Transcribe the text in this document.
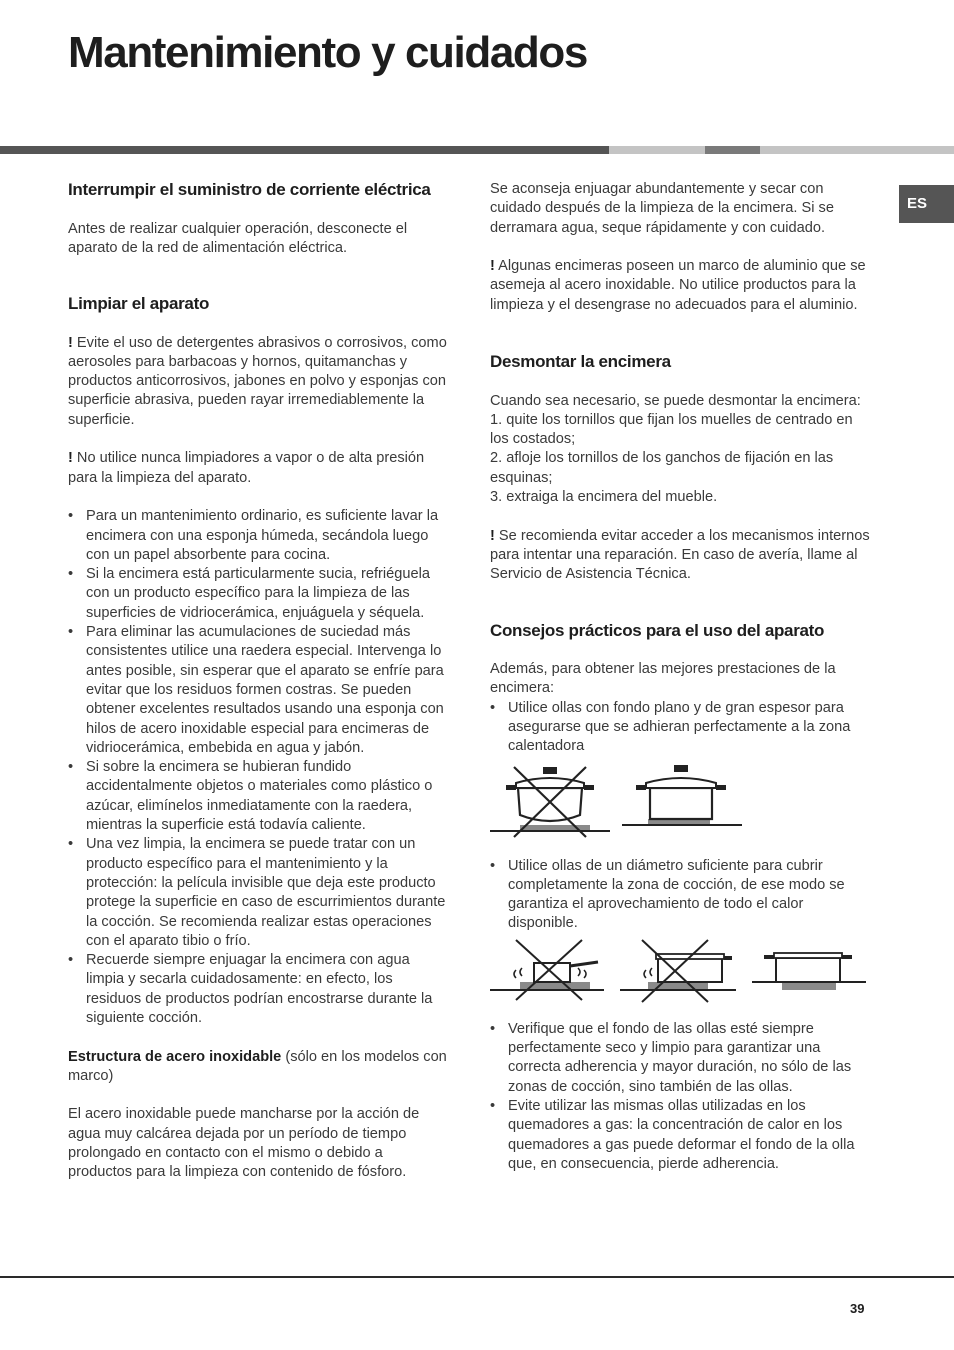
Mantenimiento y cuidados
ES
Interrumpir el suministro de corriente eléctrica

Antes de realizar cualquier operación, desconecte el aparato de la red de alimentación eléctrica.

Limpiar el aparato

! Evite el uso de detergentes abrasivos o corrosivos, como aerosoles para barbacoas y hornos, quitamanchas y productos anticorrosivos, jabones en polvo y esponjas con superficie abrasiva, pueden rayar irremediablemente la superficie.

! No utilice nunca limpiadores a vapor o de alta presión para la limpieza del aparato.

• Para un mantenimiento ordinario, es suficiente lavar la encimera con una esponja húmeda, secándola luego con un papel absorbente para cocina.
• Si la encimera está particularmente sucia, refriéguela con un producto específico para la limpieza de las superficies de vidriocerámica, enjuáguela y séquela.
• Para eliminar las acumulaciones de suciedad más consistentes utilice una raedera especial. Intervenga lo antes posible, sin esperar que el aparato se enfríe para evitar que los residuos formen costras. Se pueden obtener excelentes resultados usando una esponja con hilos de acero inoxidable especial para encimeras de vidriocerámica, embebida en agua y jabón.
• Si sobre la encimera se hubieran fundido accidentalmente objetos o materiales como plástico o azúcar, elimínelos inmediatamente con la raedera, mientras la superficie está todavía caliente.
• Una vez limpia, la encimera se puede tratar con un producto específico para el mantenimiento y la protección: la película invisible que deja este producto protege la superficie en caso de escurrimientos durante la cocción. Se recomienda realizar estas operaciones con el aparato tibio o frío.
• Recuerde siempre enjuagar la encimera con agua limpia y secarla cuidadosamente: en efecto, los residuos de productos podrían encostrarse durante la siguiente cocción.

Estructura de acero inoxidable (sólo en los modelos con marco)

El acero inoxidable puede mancharse por la acción de agua muy calcárea dejada por un período de tiempo prolongado en contacto con el mismo o debido a productos para la limpieza con contenido de fósforo.

Se aconseja enjuagar abundantemente y secar con cuidado después de la limpieza de la encimera. Si se derramara agua, seque rápidamente y con cuidado.

! Algunas encimeras poseen un marco de aluminio que se asemeja al acero inoxidable. No utilice productos para la limpieza y el desengrase no adecuados para el aluminio.

Desmontar la encimera

Cuando sea necesario, se puede desmontar la encimera:

1. quite los tornillos que fijan los muelles de centrado en los costados;

2. afloje los tornillos de los ganchos de fijación en las esquinas;

3. extraiga la encimera del mueble.

! Se recomienda evitar acceder a los mecanismos internos para intentar una reparación. En caso de avería, llame al Servicio de Asistencia Técnica.

Consejos prácticos para el uso del aparato

Además, para obtener las mejores prestaciones de la encimera:

• Utilice ollas con fondo plano y de gran espesor para asegurarse que se adhieran perfectamente a la zona calentadora
• Utilice ollas de un diámetro suficiente para cubrir completamente la zona de cocción, de ese modo se garantiza el aprovechamiento de todo el calor disponible.
• Verifique que el fondo de las ollas esté siempre perfectamente seco y limpio para garantizar una correcta adherencia y mayor duración, no sólo de las zonas de cocción, sino también de las ollas.
• Evite utilizar las mismas ollas utilizadas en los quemadores a gas: la concentración de calor en los quemadores a gas puede deformar el fondo de la olla que, en consecuencia, pierde adherencia.
39
